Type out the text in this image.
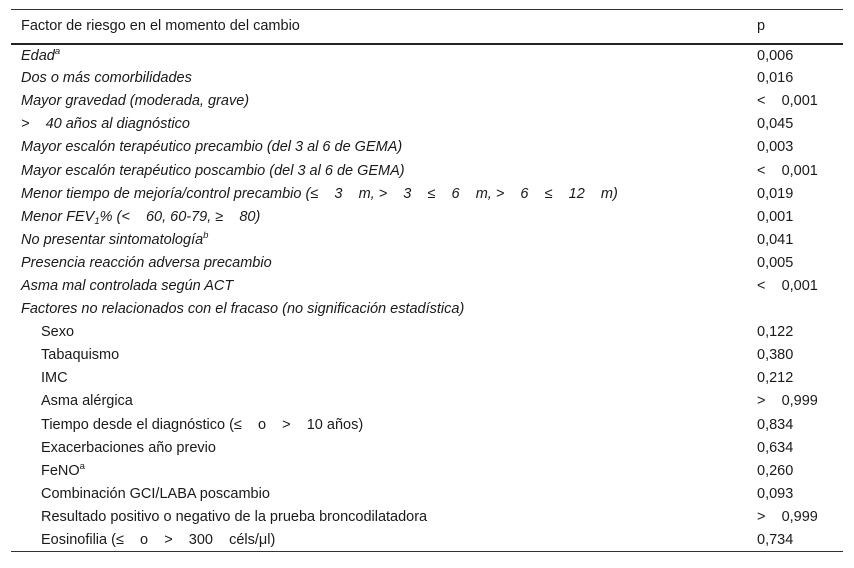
Factor de riesgo en el momento del cambio	p
Edad$^a$	0,006
Dos o más comorbilidades	0,016
Mayor gravedad (moderada, grave)	<    0,001
>    40 años al diagnóstico	0,045
Mayor escalón terapéutico precambio (del 3 al 6 de GEMA)	0,003
Mayor escalón terapéutico poscambio (del 3 al 6 de GEMA)	<    0,001
Menor tiempo de mejoría/control precambio (≤    3    m, >    3    ≤    6    m, >    6    ≤    12    m)	0,019
Menor $FEV_1\%$ (<    60, 60-79, ≥    80)	0,001
No presentar sintomatología$^b$	0,041
Presencia reacción adversa precambio	0,005
Asma mal controlada según ACT	<    0,001
Factores no relacionados con el fracaso (no significación estadística)	
Sexo	0,122
Tabaquismo	0,380
IMC	0,212
Asma alérgica	>    0,999
Tiempo desde el diagnóstico (≤    o    >    10 años)	0,834
Exacerbaciones año previo	0,634
FeNO$^a$	0,260
Combinación GCI/LABA poscambio	0,093
Resultado positivo o negativo de la prueba broncodilatadora	>    0,999
Eosinofilia (≤    o    >    300    céls/μl)	0,734
